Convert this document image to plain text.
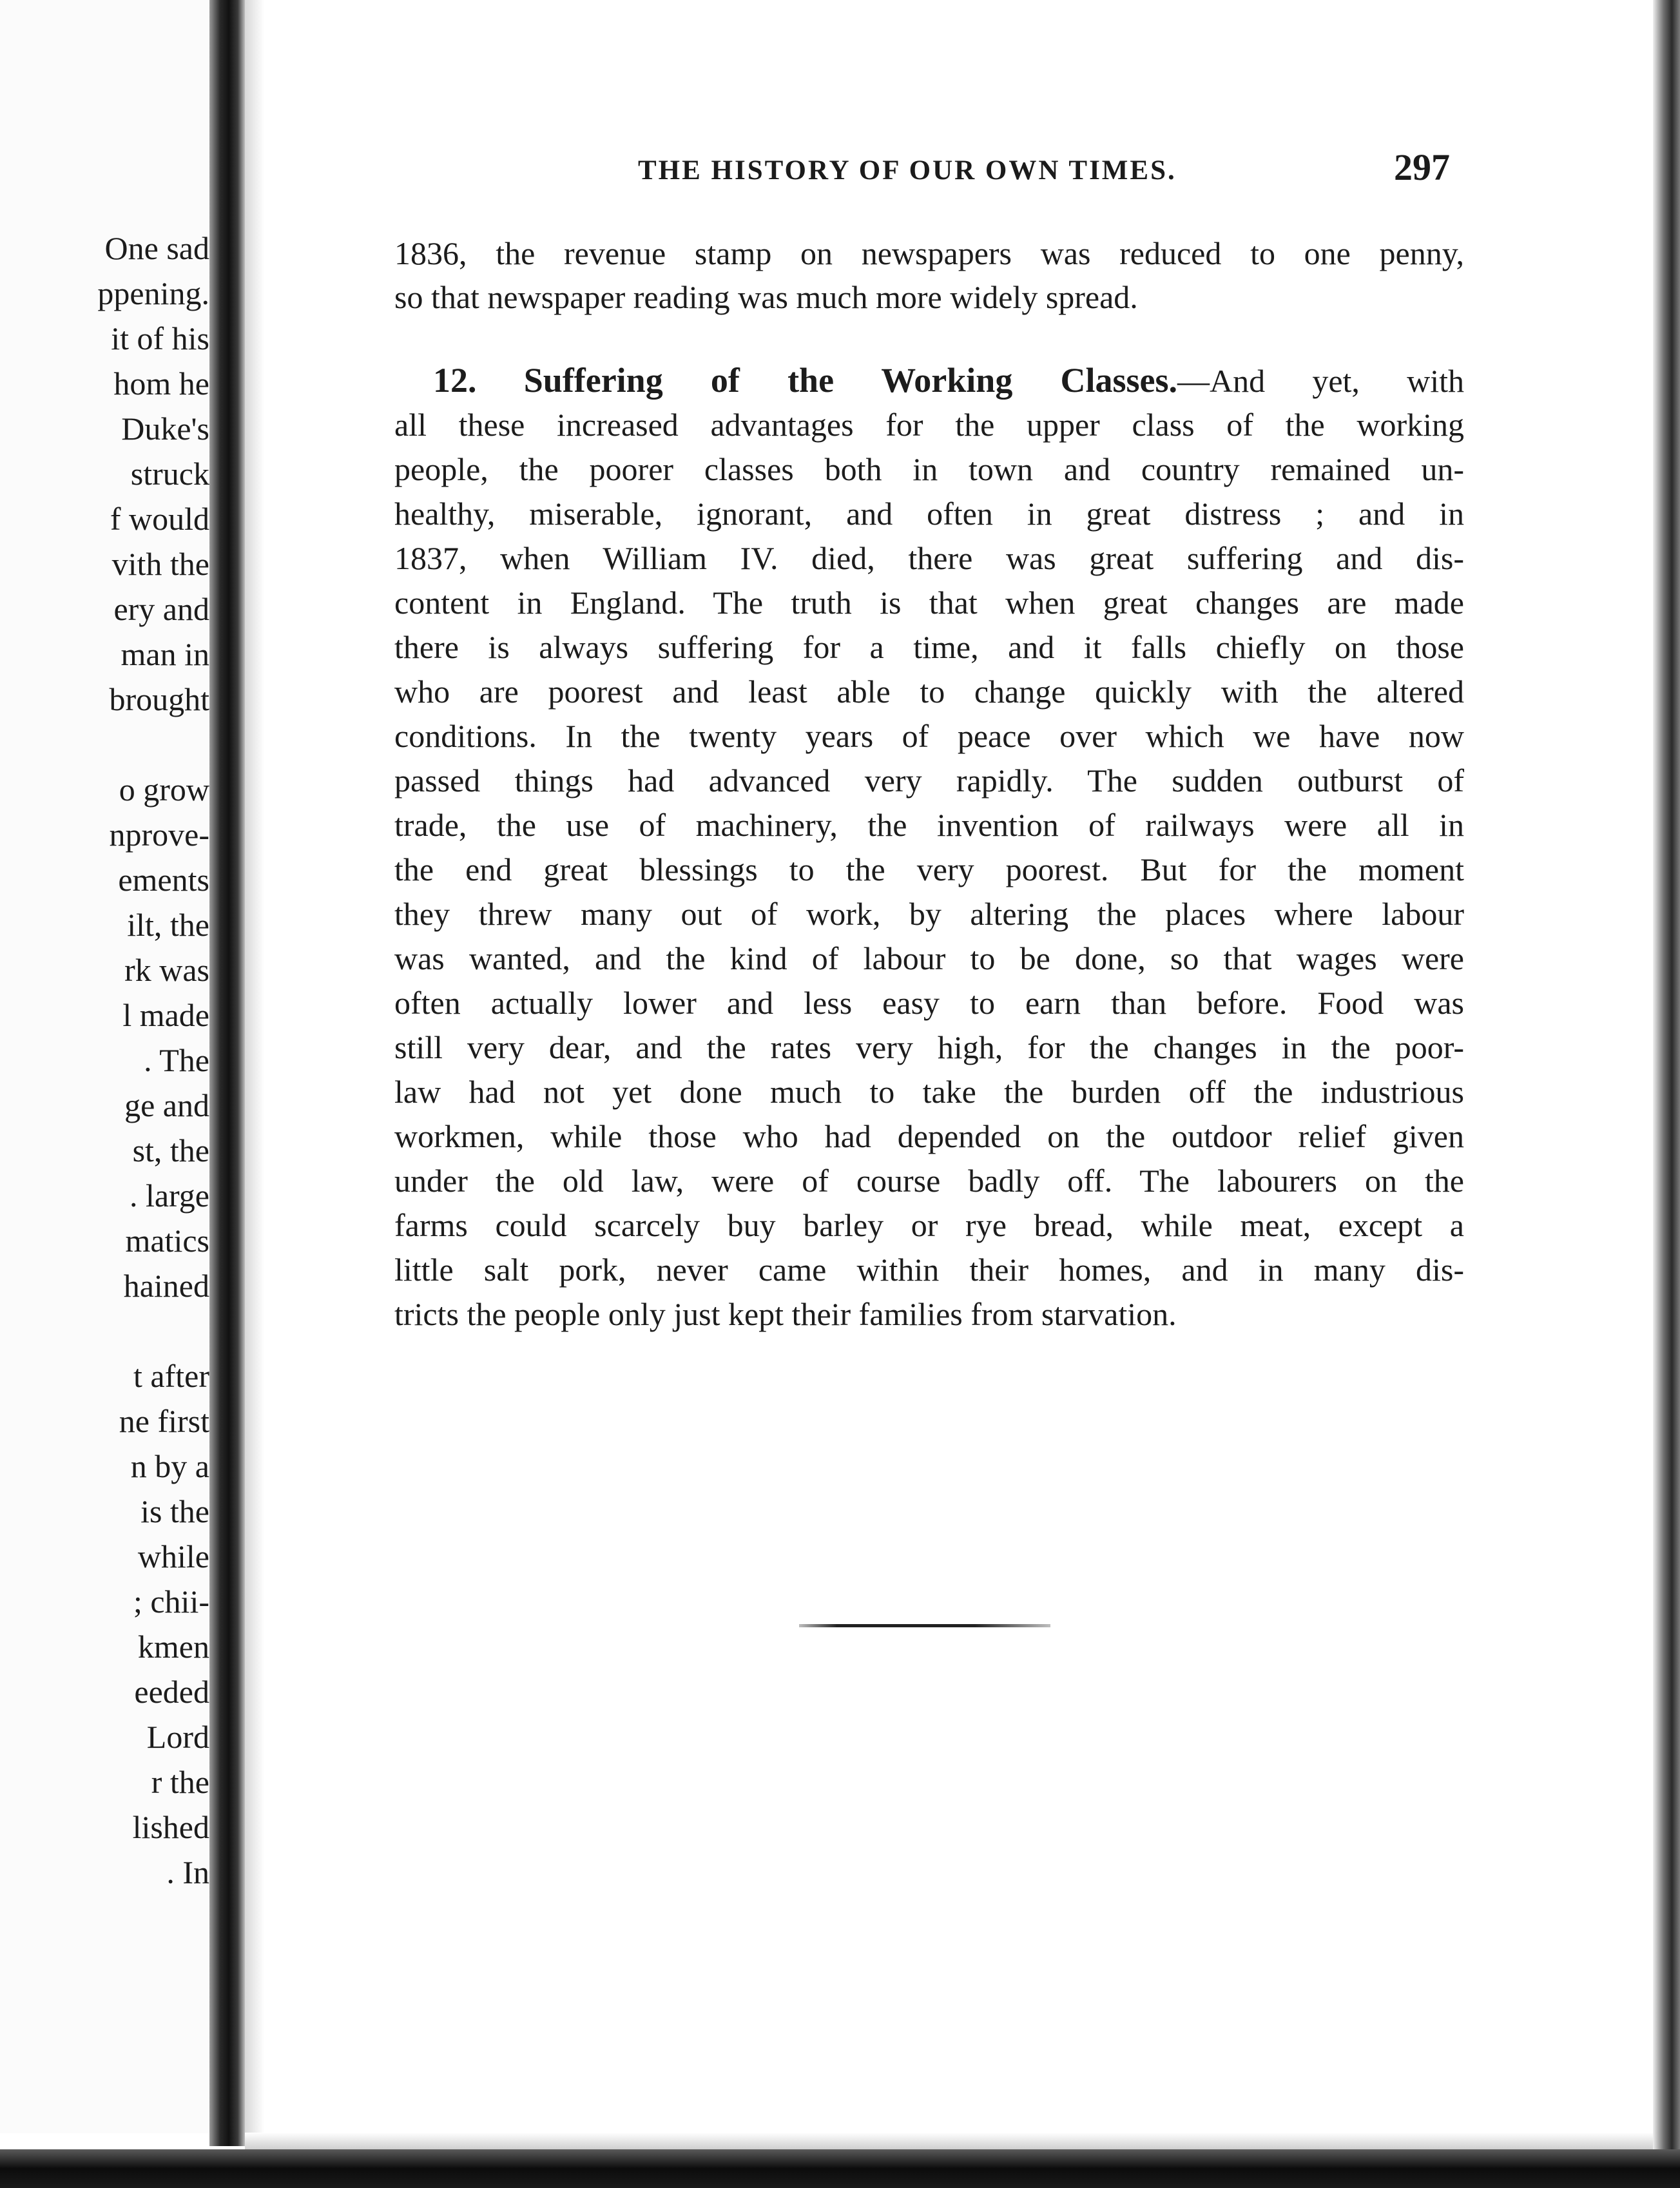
One sad
ppening.
it of his
hom he
Duke's
struck
f would
vith the
ery and
man in
brought
o grow
nprove-
ements
ilt, the
rk was
l made
. The
ge and
st, the
. large
matics
hained
t after
ne first
n by a
is the
while
; chii-
kmen
eeded
Lord
r the
lished
. In
THE HISTORY OF OUR OWN TIMES.	297
1836, the revenue stamp on newspapers was reduced to one penny,
so that newspaper reading was much more widely spread.
12. Suffering of the Working Classes.—And yet, with
all these increased advantages for the upper class of the working
people, the poorer classes both in town and country remained un-
healthy, miserable, ignorant, and often in great distress ; and in
1837, when William IV. died, there was great suffering and dis-
content in England. The truth is that when great changes are made
there is always suffering for a time, and it falls chiefly on those
who are poorest and least able to change quickly with the altered
conditions. In the twenty years of peace over which we have now
passed things had advanced very rapidly. The sudden outburst of
trade, the use of machinery, the invention of railways were all in
the end great blessings to the very poorest. But for the moment
they threw many out of work, by altering the places where labour
was wanted, and the kind of labour to be done, so that wages were
often actually lower and less easy to earn than before. Food was
still very dear, and the rates very high, for the changes in the poor-
law had not yet done much to take the burden off the industrious
workmen, while those who had depended on the outdoor relief given
under the old law, were of course badly off. The labourers on the
farms could scarcely buy barley or rye bread, while meat, except a
little salt pork, never came within their homes, and in many dis-
tricts the people only just kept their families from starvation.
